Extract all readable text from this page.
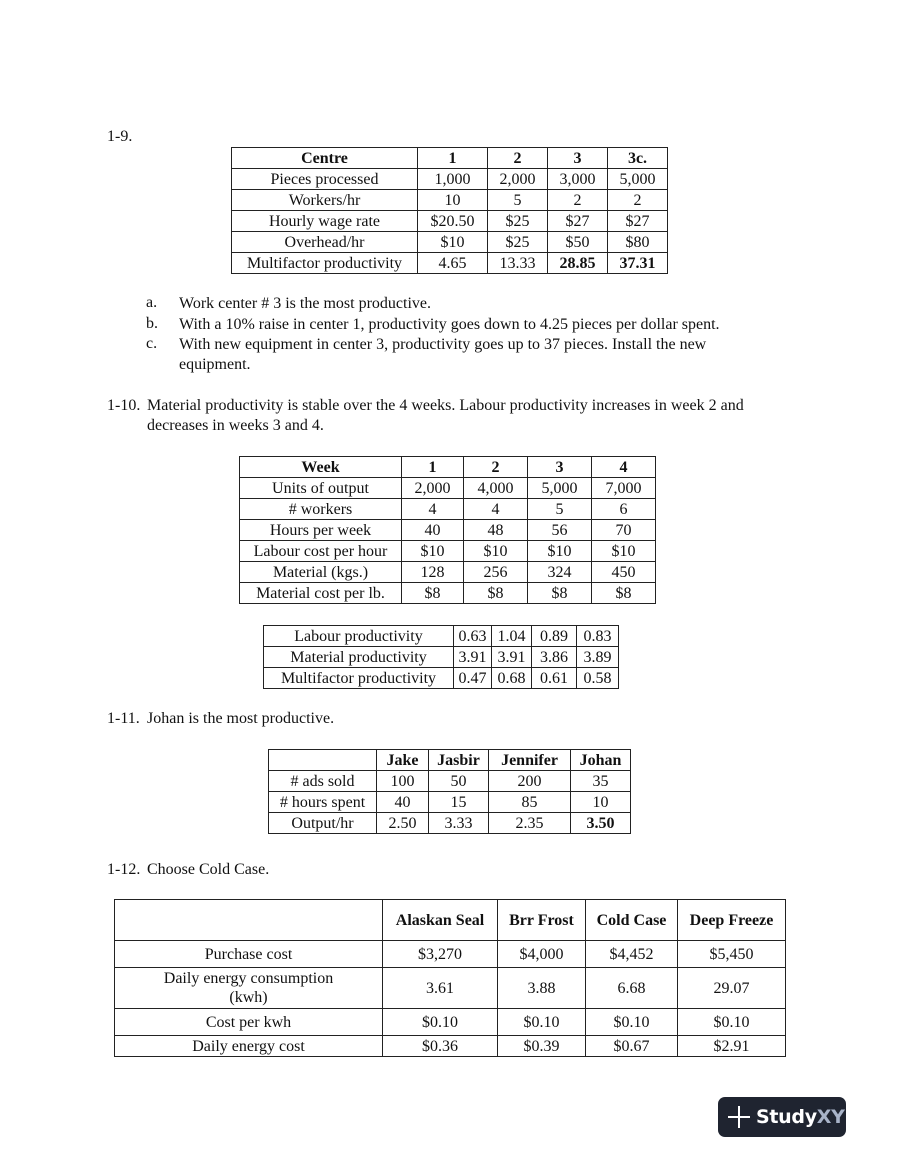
1-9.
Centre	1	2	3	3c.
Pieces processed	1,000	2,000	3,000	5,000
Workers/hr	10	5	2	2
Hourly wage rate	$20.50	$25	$27	$27
Overhead/hr	$10	$25	$50	$80
Multifactor productivity	4.65	13.33	28.85	37.31
a. Work center # 3 is the most productive.
b. With a 10% raise in center 1, productivity goes down to 4.25 pieces per dollar spent.
c. With new equipment in center 3, productivity goes up to 37 pieces. Install the new equipment.
1-10. Material productivity is stable over the 4 weeks. Labour productivity increases in week 2 and decreases in weeks 3 and 4.
Week	1	2	3	4
Units of output	2,000	4,000	5,000	7,000
# workers	4	4	5	6
Hours per week	40	48	56	70
Labour cost per hour	$10	$10	$10	$10
Material (kgs.)	128	256	324	450
Material cost per lb.	$8	$8	$8	$8
Labour productivity	0.63	1.04	0.89	0.83
Material productivity	3.91	3.91	3.86	3.89
Multifactor productivity	0.47	0.68	0.61	0.58
1-11. Johan is the most productive.
	Jake	Jasbir	Jennifer	Johan
# ads sold	100	50	200	35
# hours spent	40	15	85	10
Output/hr	2.50	3.33	2.35	3.50
1-12. Choose Cold Case.
	Alaskan Seal	Brr Frost	Cold Case	Deep Freeze
Purchase cost	$3,270	$4,000	$4,452	$5,450
Daily energy consumption (kwh)	3.61	3.88	6.68	29.07
Cost per kwh	$0.10	$0.10	$0.10	$0.10
Daily energy cost	$0.36	$0.39	$0.67	$2.91
StudyXY
